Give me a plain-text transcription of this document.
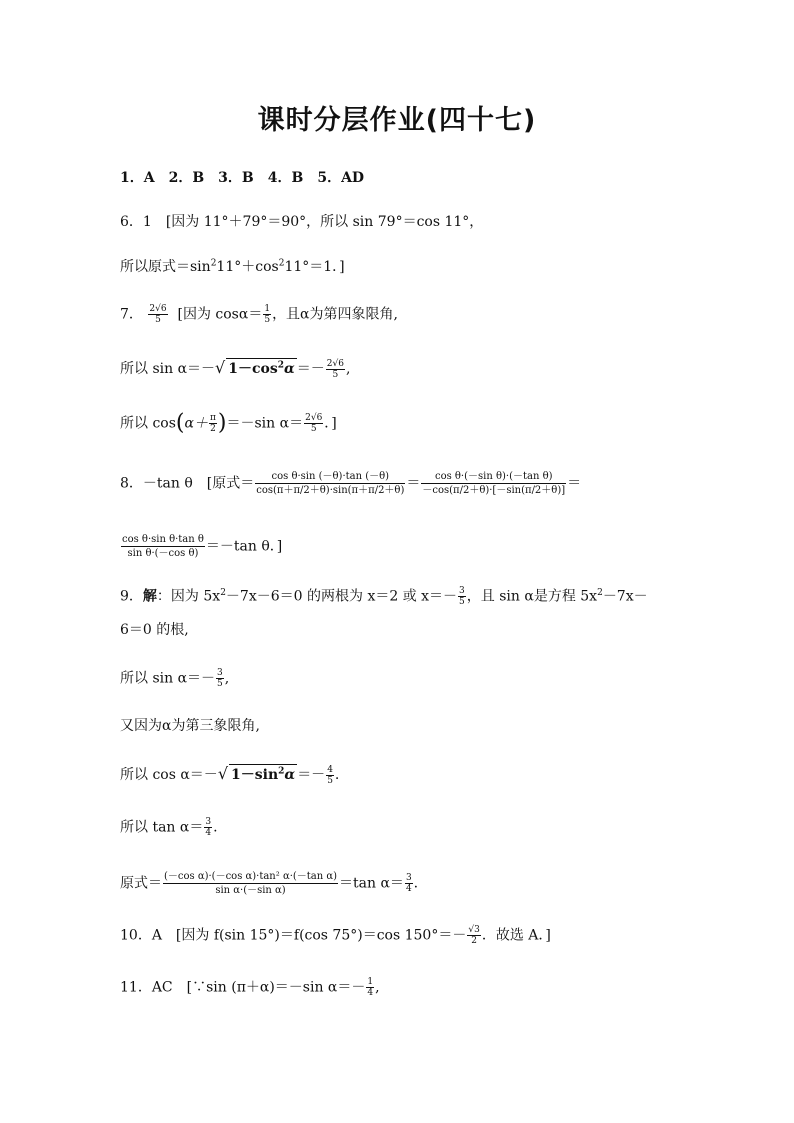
课时分层作业(四十七)
1．A　2．B　3．B　4．B　5．AD
6．1　[因为 11°＋79°＝90°，所以 sin 79°＝cos 11°，
所以原式$=\sin^211^\circ+\cos^211^\circ=1$．]
7． $\frac{2√6}{5}$ [因为 $\cos\alpha= \frac{1}{5}$ ，且α为第四象限角,
所以 sin α＝－√ $1-\cos^2\alpha =- \frac{2√6}{5}$ ,
所以 $\cos(\alpha+ \frac{\pi}{2} )=-\sin$ $\alpha= \frac{2√6}{5}$ ．]
8．－tan θ　[原式＝ $\frac{\text{cos θ·sin (－θ)·tan (－θ)}}{\cos(\pi+\pi/2+\theta)\cdot\sin(\pi+\pi/2+\theta)} = \frac{\text{cos θ·(－sin θ)·(－tan θ)}}{-\cos(\pi/2+\theta)\cdot[-\sin(\pi/2+\theta)]}$ ＝
$\frac{\text{cos θ·sin θ·tan θ}}{\text{sin θ·(－cos θ)}} =-\tan$ θ．]
9．解：因为 $5x^2-7x-6=0$ 的两根为 x＝2 或 $x=- \frac{3}{5}$ ，且 sin α是方程 $5x^2-7x-$
6＝0 的根,
所以 $\sin \alpha=- \frac{3}{5}$ ,
又因为α为第三象限角,
所以 cos α＝－√ $1-\sin^2\alpha =- \frac{4}{5}$ .
所以 $\tan \alpha= \frac{3}{4}$ .
原式＝ $\frac{\text{(－cos α)·(－cos α)·tan² α·(－tan α)}}{\text{sin α·(－sin α)}} =\tan$ $\alpha= \frac{3}{4}$ .
10．A　[因为 f(sin 15°)＝f(cos 75°)＝cos $150^\circ=- \frac{√3}{2}$ ．故选 A．]
11．AC　[∵sin (π＋α)＝－sin $\alpha=- \frac{1}{4}$ ,
